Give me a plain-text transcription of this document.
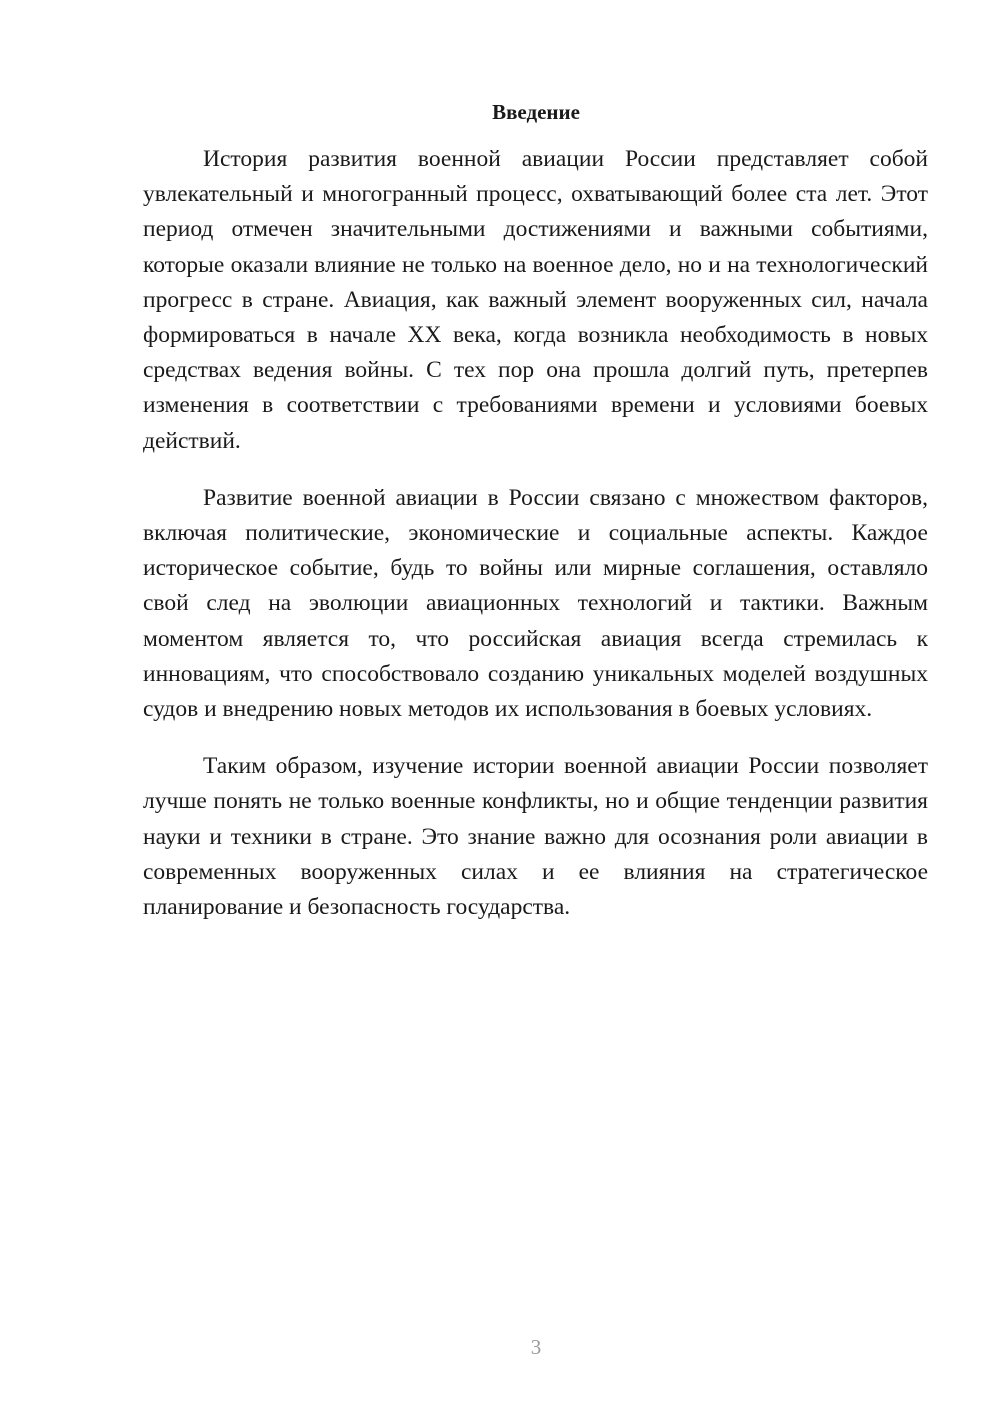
Введение

История развития военной авиации России представляет собой увлекательный и многогранный процесс, охватывающий более ста лет. Этот период отмечен значительными достижениями и важными событиями, которые оказали влияние не только на военное дело, но и на технологический прогресс в стране. Авиация, как важный элемент вооруженных сил, начала формироваться в начале XX века, когда возникла необходимость в новых средствах ведения войны. С тех пор она прошла долгий путь, претерпев изменения в соответствии с требованиями времени и условиями боевых действий.

Развитие военной авиации в России связано с множеством факторов, включая политические, экономические и социальные аспекты. Каждое историческое событие, будь то войны или мирные соглашения, оставляло свой след на эволюции авиационных технологий и тактики. Важным моментом является то, что российская авиация всегда стремилась к инновациям, что способствовало созданию уникальных моделей воздушных судов и внедрению новых методов их использования в боевых условиях.

Таким образом, изучение истории военной авиации России позволяет лучше понять не только военные конфликты, но и общие тенденции развития науки и техники в стране. Это знание важно для осознания роли авиации в современных вооруженных силах и ее влияния на стратегическое планирование и безопасность государства.

3
